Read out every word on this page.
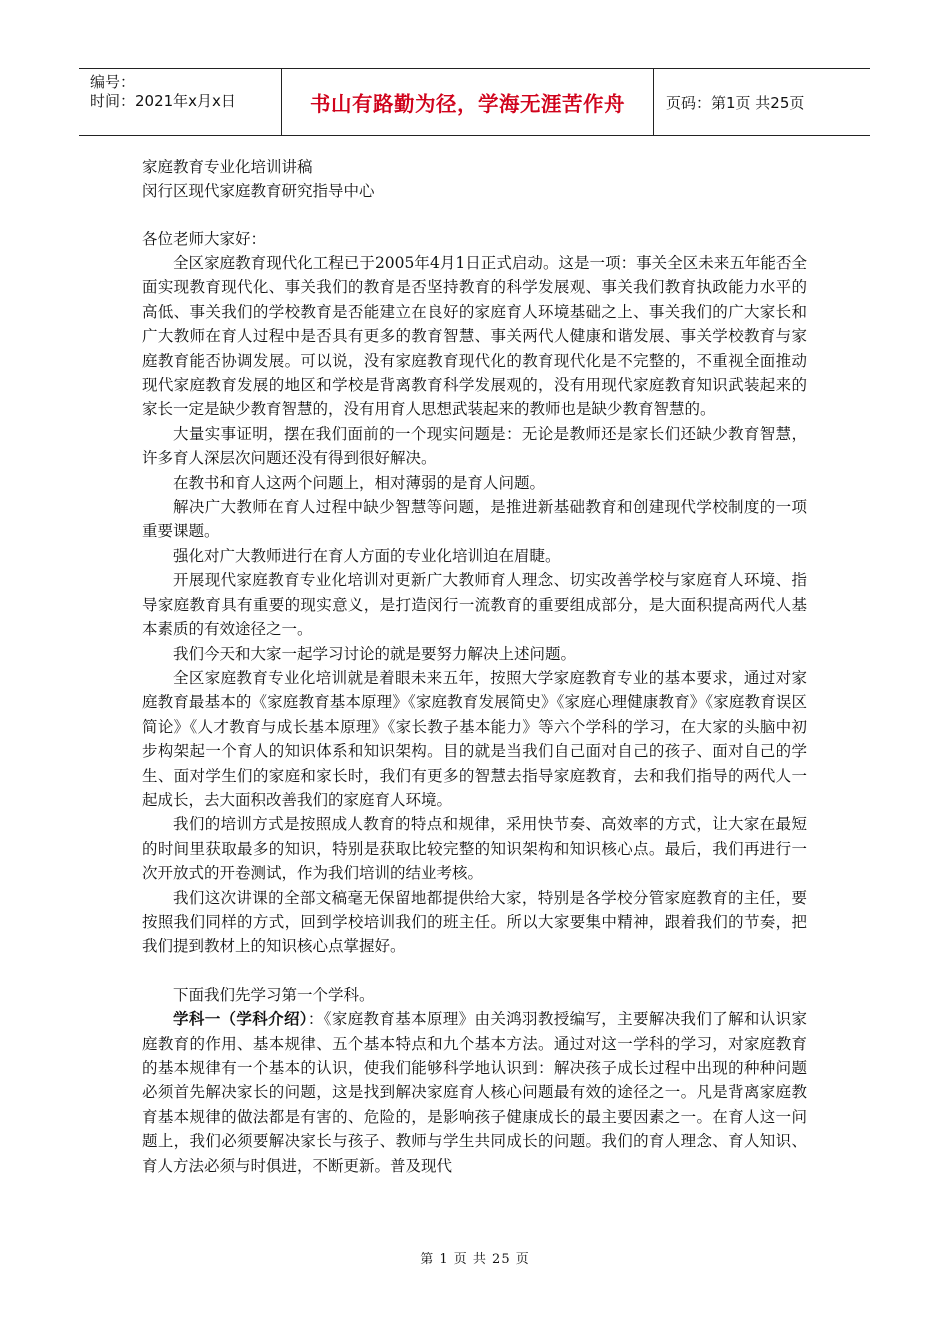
编号：
时间：2021年x月x日	书山有路勤为径，学海无涯苦作舟	页码：第1页 共25页
家庭教育专业化培训讲稿
闵行区现代家庭教育研究指导中心
各位老师大家好：

全区家庭教育现代化工程已于2005年4月1日正式启动。这是一项：事关全区未来五年能否全面实现教育现代化、事关我们的教育是否坚持教育的科学发展观、事关我们教育执政能力水平的高低、事关我们的学校教育是否能建立在良好的家庭育人环境基础之上、事关我们的广大家长和广大教师在育人过程中是否具有更多的教育智慧、事关两代人健康和谐发展、事关学校教育与家庭教育能否协调发展。可以说，没有家庭教育现代化的教育现代化是不完整的，不重视全面推动现代家庭教育发展的地区和学校是背离教育科学发展观的，没有用现代家庭教育知识武装起来的家长一定是缺少教育智慧的，没有用育人思想武装起来的教师也是缺少教育智慧的。

大量实事证明，摆在我们面前的一个现实问题是：无论是教师还是家长们还缺少教育智慧，许多育人深层次问题还没有得到很好解决。

在教书和育人这两个问题上，相对薄弱的是育人问题。

解决广大教师在育人过程中缺少智慧等问题，是推进新基础教育和创建现代学校制度的一项重要课题。

强化对广大教师进行在育人方面的专业化培训迫在眉睫。

开展现代家庭教育专业化培训对更新广大教师育人理念、切实改善学校与家庭育人环境、指导家庭教育具有重要的现实意义，是打造闵行一流教育的重要组成部分，是大面积提高两代人基本素质的有效途径之一。

我们今天和大家一起学习讨论的就是要努力解决上述问题。

全区家庭教育专业化培训就是着眼未来五年，按照大学家庭教育专业的基本要求，通过对家庭教育最基本的《家庭教育基本原理》《家庭教育发展简史》《家庭心理健康教育》《家庭教育误区简论》《人才教育与成长基本原理》《家长教子基本能力》等六个学科的学习，在大家的头脑中初步构架起一个育人的知识体系和知识架构。目的就是当我们自己面对自己的孩子、面对自己的学生、面对学生们的家庭和家长时，我们有更多的智慧去指导家庭教育，去和我们指导的两代人一起成长，去大面积改善我们的家庭育人环境。

我们的培训方式是按照成人教育的特点和规律，采用快节奏、高效率的方式，让大家在最短的时间里获取最多的知识，特别是获取比较完整的知识架构和知识核心点。最后，我们再进行一次开放式的开卷测试，作为我们培训的结业考核。

我们这次讲课的全部文稿毫无保留地都提供给大家，特别是各学校分管家庭教育的主任，要按照我们同样的方式，回到学校培训我们的班主任。所以大家要集中精神，跟着我们的节奏，把我们提到教材上的知识核心点掌握好。

下面我们先学习第一个学科。

学科一（学科介绍）：《家庭教育基本原理》由关鸿羽教授编写，主要解决我们了解和认识家庭教育的作用、基本规律、五个基本特点和九个基本方法。通过对这一学科的学习，对家庭教育的基本规律有一个基本的认识，使我们能够科学地认识到：解决孩子成长过程中出现的种种问题必须首先解决家长的问题，这是找到解决家庭育人核心问题最有效的途径之一。凡是背离家庭教育基本规律的做法都是有害的、危险的，是影响孩子健康成长的最主要因素之一。在育人这一问题上，我们必须要解决家长与孩子、教师与学生共同成长的问题。我们的育人理念、育人知识、育人方法必须与时俱进，不断更新。普及现代

第 1 页 共 25 页
